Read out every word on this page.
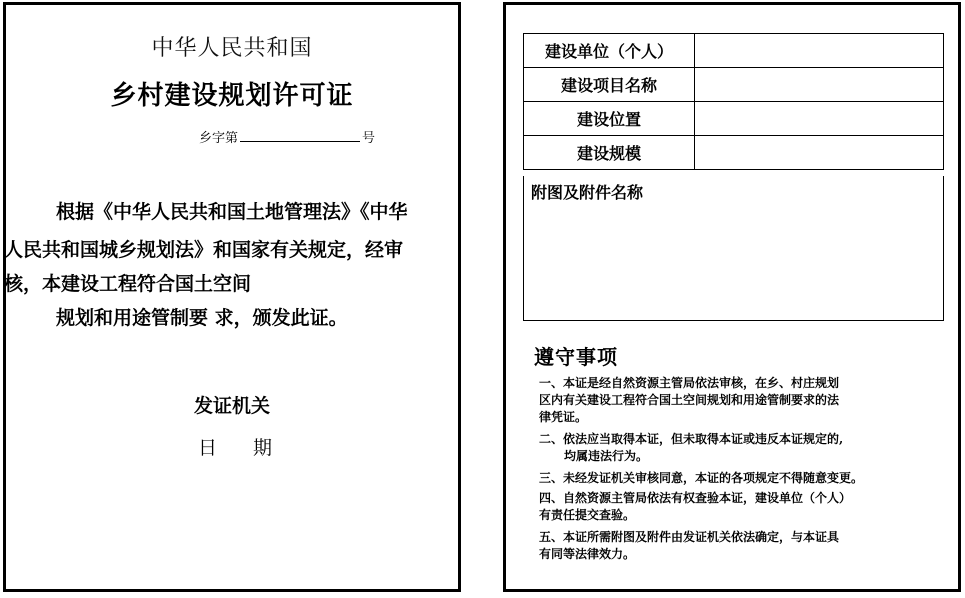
中华人民共和国
乡村建设规划许可证
乡字第	号
根据《中华人民共和国土地管理法》《中华
人民共和国城乡规划法》和国家有关规定，经审
核，本建设工程符合国土空间
规划和用途管制要 求，颁发此证。
发证机关
日 期
建设单位（个人）	
建设项目名称	
建设位置	
建设规模	
附图及附件名称
遵守事项
一、本证是经自然资源主管局依法审核，在乡、村庄规划
区内有关建设工程符合国土空间规划和用途管制要求的法
律凭证。
二、依法应当取得本证，但未取得本证或违反本证规定的,
均属违法行为。
三、未经发证机关审核同意，本证的各项规定不得随意变更。
四、自然资源主管局依法有权查验本证，建设单位（个人）
有责任提交查验。
五、本证所需附图及附件由发证机关依法确定，与本证具
有同等法律效力。
